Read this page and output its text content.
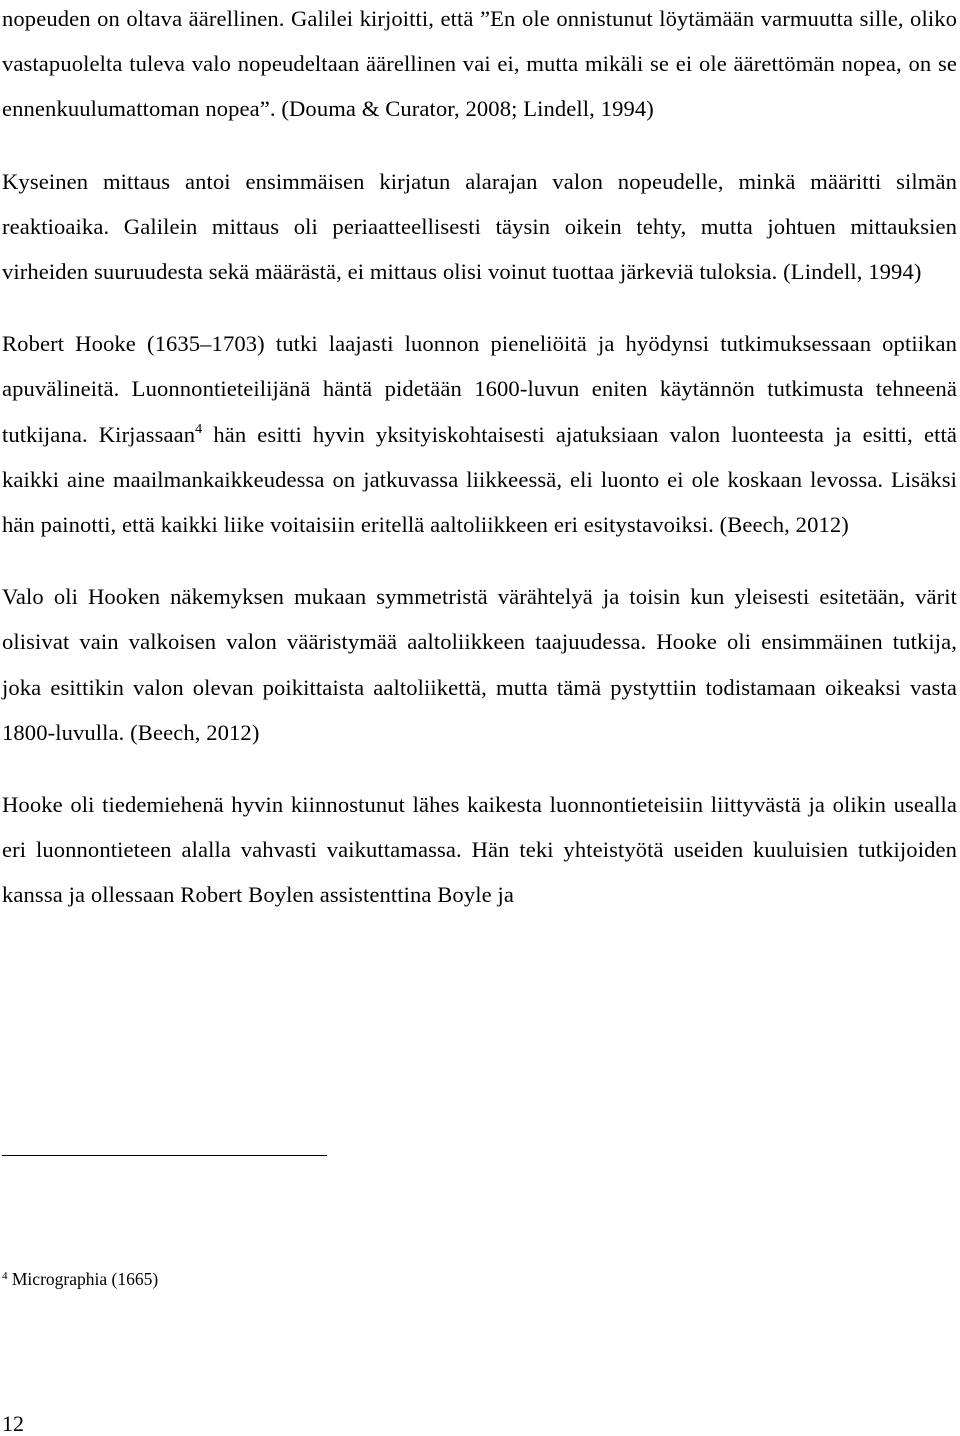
nopeuden on oltava äärellinen. Galilei kirjoitti, että ”En ole onnistunut löytämään varmuutta sille, oliko vastapuolelta tuleva valo nopeudeltaan äärellinen vai ei, mutta mikäli se ei ole äärettömän nopea, on se ennenkuulumattoman nopea”. (Douma & Curator, 2008; Lindell, 1994)

Kyseinen mittaus antoi ensimmäisen kirjatun alarajan valon nopeudelle, minkä määritti silmän reaktioaika. Galilein mittaus oli periaatteellisesti täysin oikein tehty, mutta johtuen mittauksien virheiden suuruudesta sekä määrästä, ei mittaus olisi voinut tuottaa järkeviä tuloksia. (Lindell, 1994)

Robert Hooke (1635–1703) tutki laajasti luonnon pieneliöitä ja hyödynsi tutkimuksessaan optiikan apuvälineitä. Luonnontieteilijänä häntä pidetään 1600-luvun eniten käytännön tutkimusta tehneenä tutkijana. Kirjassaan$^4$ hän esitti hyvin yksityiskohtaisesti ajatuksiaan valon luonteesta ja esitti, että kaikki aine maailmankaikkeudessa on jatkuvassa liikkeessä, eli luonto ei ole koskaan levossa. Lisäksi hän painotti, että kaikki liike voitaisiin eritellä aaltoliikkeen eri esitystavoiksi. (Beech, 2012)

Valo oli Hooken näkemyksen mukaan symmetristä värähtelyä ja toisin kun yleisesti esitetään, värit olisivat vain valkoisen valon vääristymää aaltoliikkeen taajuudessa. Hooke oli ensimmäinen tutkija, joka esittikin valon olevan poikittaista aaltoliikettä, mutta tämä pystyttiin todistamaan oikeaksi vasta 1800-luvulla. (Beech, 2012)

Hooke oli tiedemiehenä hyvin kiinnostunut lähes kaikesta luonnontieteisiin liittyvästä ja olikin usealla eri luonnontieteen alalla vahvasti vaikuttamassa. Hän teki yhteistyötä useiden kuuluisien tutkijoiden kanssa ja ollessaan Robert Boylen assistenttina Boyle ja

$^4$ Micrographia (1665)
12
